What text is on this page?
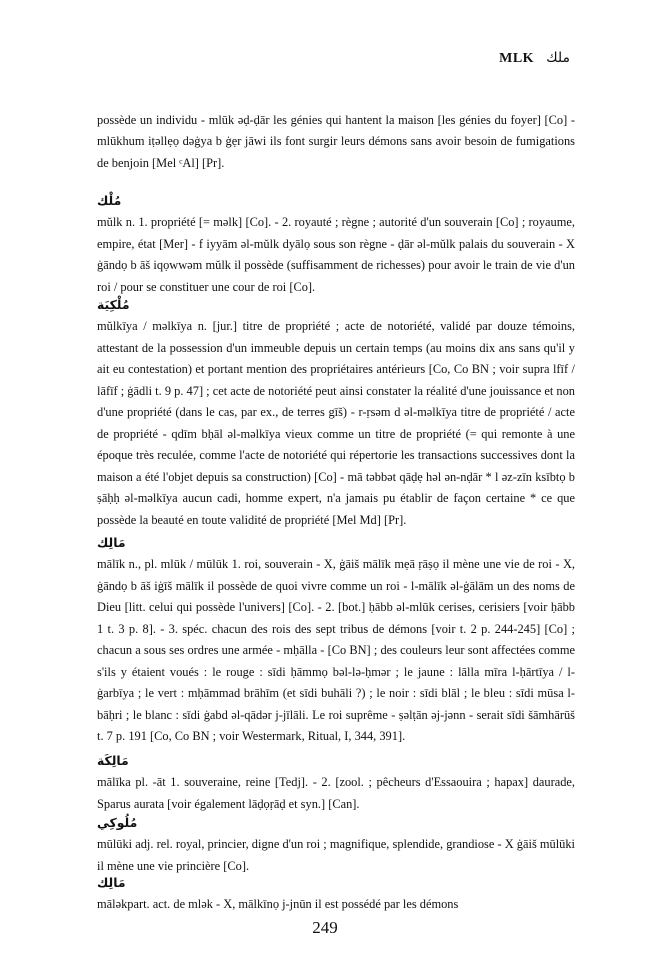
MLK ملك

possède un individu - mlūk əḍ-ḍār les génies qui hantent la maison [les génies du foyer] [Co] - mlūkhum iṭəllẹọ dəġya b ġẹr jāwi ils font surgir leurs démons sans avoir besoin de fumigations de benjoin [Mel ᶜAl] [Pr].

مُلْك
mŭlk n. 1. propriété [= məlk] [Co]. - 2. royauté ; règne ; autorité d'un souverain [Co] ; royaume, empire, état [Mer] - f iyyām əl-mŭlk dyālọ sous son règne - ḍār əl-mŭlk palais du souverain - X ġāndọ b āš iqọwwəm mŭlk il possède (suffisamment de richesses) pour avoir le train de vie d'un roi / pour se constituer une cour de roi [Co].

مُلْكِيَة
mŭlkīya / məlkīya n. [jur.] titre de propriété ; acte de notoriété, validé par douze témoins, attestant de la possession d'un immeuble depuis un certain temps (au moins dix ans sans qu'il y ait eu contestation) et portant mention des propriétaires antérieurs [Co, Co BN ; voir supra lfīf / lāfīf ; ġādli t. 9 p. 47] ; cet acte de notoriété peut ainsi constater la réalité d'une jouissance et non d'une propriété (dans le cas, par ex., de terres gīš) - r-ṛsəm d əl-məlkīya titre de propriété / acte de propriété - qdīm bḥāl əl-məlkīya vieux comme un titre de propriété (= qui remonte à une époque très reculée, comme l'acte de notoriété qui répertorie les transactions successives dont la maison a été l'objet depuis sa construction) [Co] - mā təbbət qāḍẹ həl ən-nḍār * l əz-zīn ksībtọ b ṣāḥḥ əl-məlkīya aucun cadi, homme expert, n'a jamais pu établir de façon certaine * ce que possède la beauté en toute validité de propriété [Mel Md] [Pr].

مَالِك
mālīk n., pl. mlūk / mūlūk 1. roi, souverain - X, ġāiš mālīk mẹā ṛāṣọ il mène une vie de roi - X, ġāndọ b āš iġīš mālīk il possède de quoi vivre comme un roi - l-mālīk əl-ġālām un des noms de Dieu [litt. celui qui possède l'univers] [Co]. - 2. [bot.] ḥābb əl-mlūk cerises, cerisiers [voir ḥābb 1 t. 3 p. 8]. - 3. spéc. chacun des rois des sept tribus de démons [voir t. 2 p. 244-245] [Co] ; chacun a sous ses ordres une armée - mḥālla - [Co BN] ; des couleurs leur sont affectées comme s'ils y étaient voués : le rouge : sīdi ḥāmmọ bəl-lə-ḥmər ; le jaune : lālla mīra l-ḥārtīya / l-ġarbīya ; le vert : mḥāmmad brāhīm (et sīdi buhāli ?) ; le noir : sīdi blāl ; le bleu : sīdi mūsa l-bāḥri ; le blanc : sīdi ġabd əl-qādər j-jīlāli. Le roi suprême - ṣəlṭān əj-jənn - serait sīdi šāmhārūš t. 7 p. 191 [Co, Co BN ; voir Westermark, Ritual, I, 344, 391].

مَالِكَة
mālīka pl. -āt 1. souveraine, reine [Tedj]. - 2. [zool. ; pêcheurs d'Essaouira ; hapax] daurade, Sparus aurata [voir également lāḍọṛāḍ et syn.] [Can].

مُلُوكِي
mūlūki adj. rel. royal, princier, digne d'un roi ; magnifique, splendide, grandiose - X ġāiš mūlūki il mène une vie princière [Co].

مَالِك
māləkpart. act. de mlək - X, mālkīnọ j-jnūn il est possédé par les démons

249
